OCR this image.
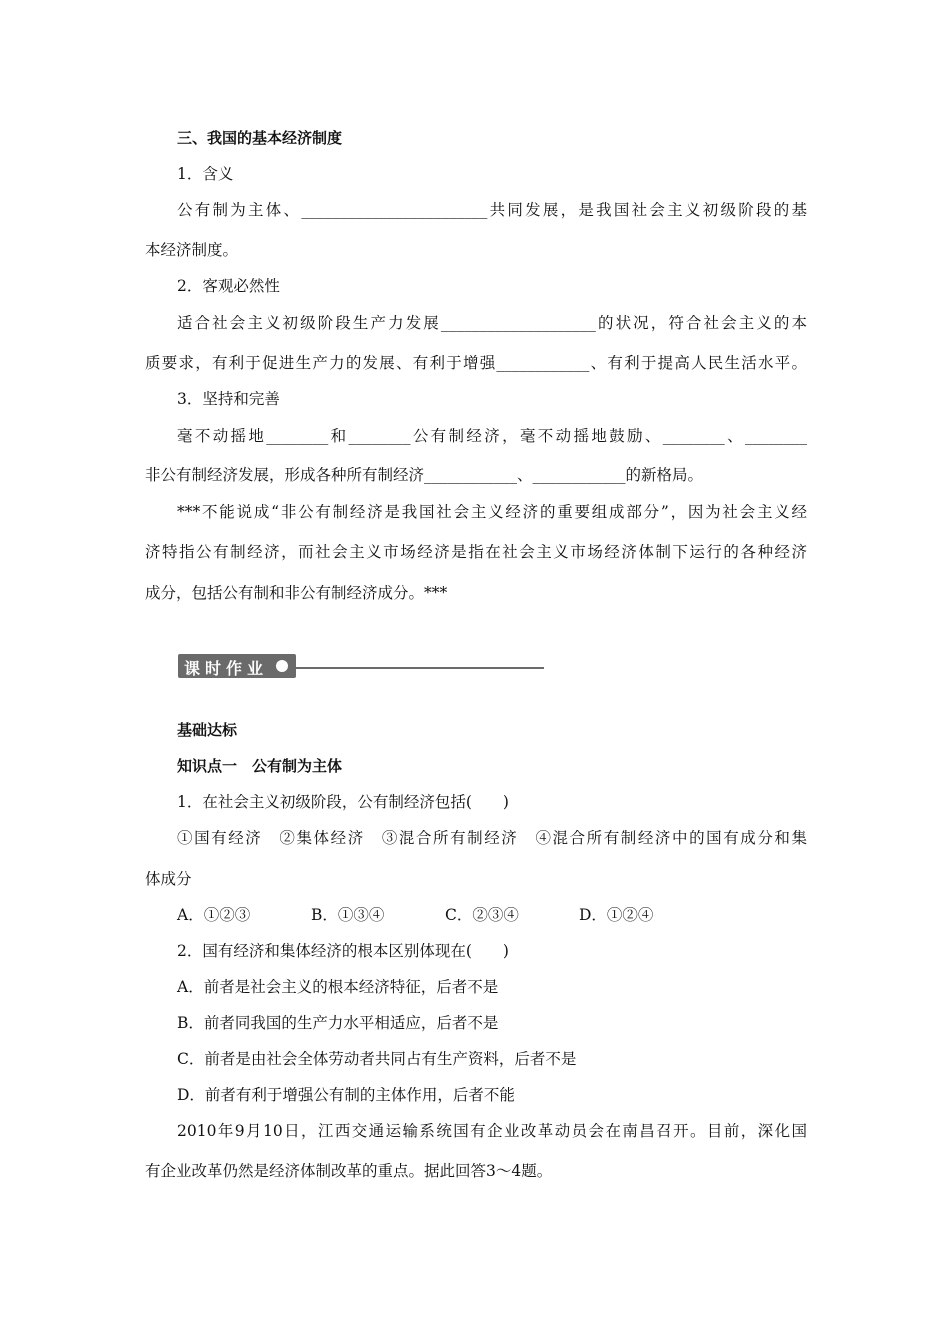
三、我国的基本经济制度
1．含义
公有制为主体、________________________共同发展，是我国社会主义初级阶段的基
本经济制度。
2．客观必然性
适合社会主义初级阶段生产力发展____________________的状况，符合社会主义的本
质要求，有利于促进生产力的发展、有利于增强____________、有利于提高人民生活水平。
3．坚持和完善
毫不动摇地________和________公有制经济，毫不动摇地鼓励、________、________
非公有制经济发展，形成各种所有制经济____________、____________的新格局。
***不能说成“非公有制经济是我国社会主义经济的重要组成部分”，因为社会主义经
济特指公有制经济，而社会主义市场经济是指在社会主义市场经济体制下运行的各种经济
成分，包括公有制和非公有制经济成分。***
课时作业
基础达标
知识点一　公有制为主体
1．在社会主义初级阶段，公有制经济包括(　　)
①国有经济　②集体经济　③混合所有制经济　④混合所有制经济中的国有成分和集
体成分
A．①②③	B．①③④	C．②③④	D．①②④
2．国有经济和集体经济的根本区别体现在(　　)
A．前者是社会主义的根本经济特征，后者不是
B．前者同我国的生产力水平相适应，后者不是
C．前者是由社会全体劳动者共同占有生产资料，后者不是
D．前者有利于增强公有制的主体作用，后者不能
2010年9月10日，江西交通运输系统国有企业改革动员会在南昌召开。目前，深化国
有企业改革仍然是经济体制改革的重点。据此回答3～4题。
